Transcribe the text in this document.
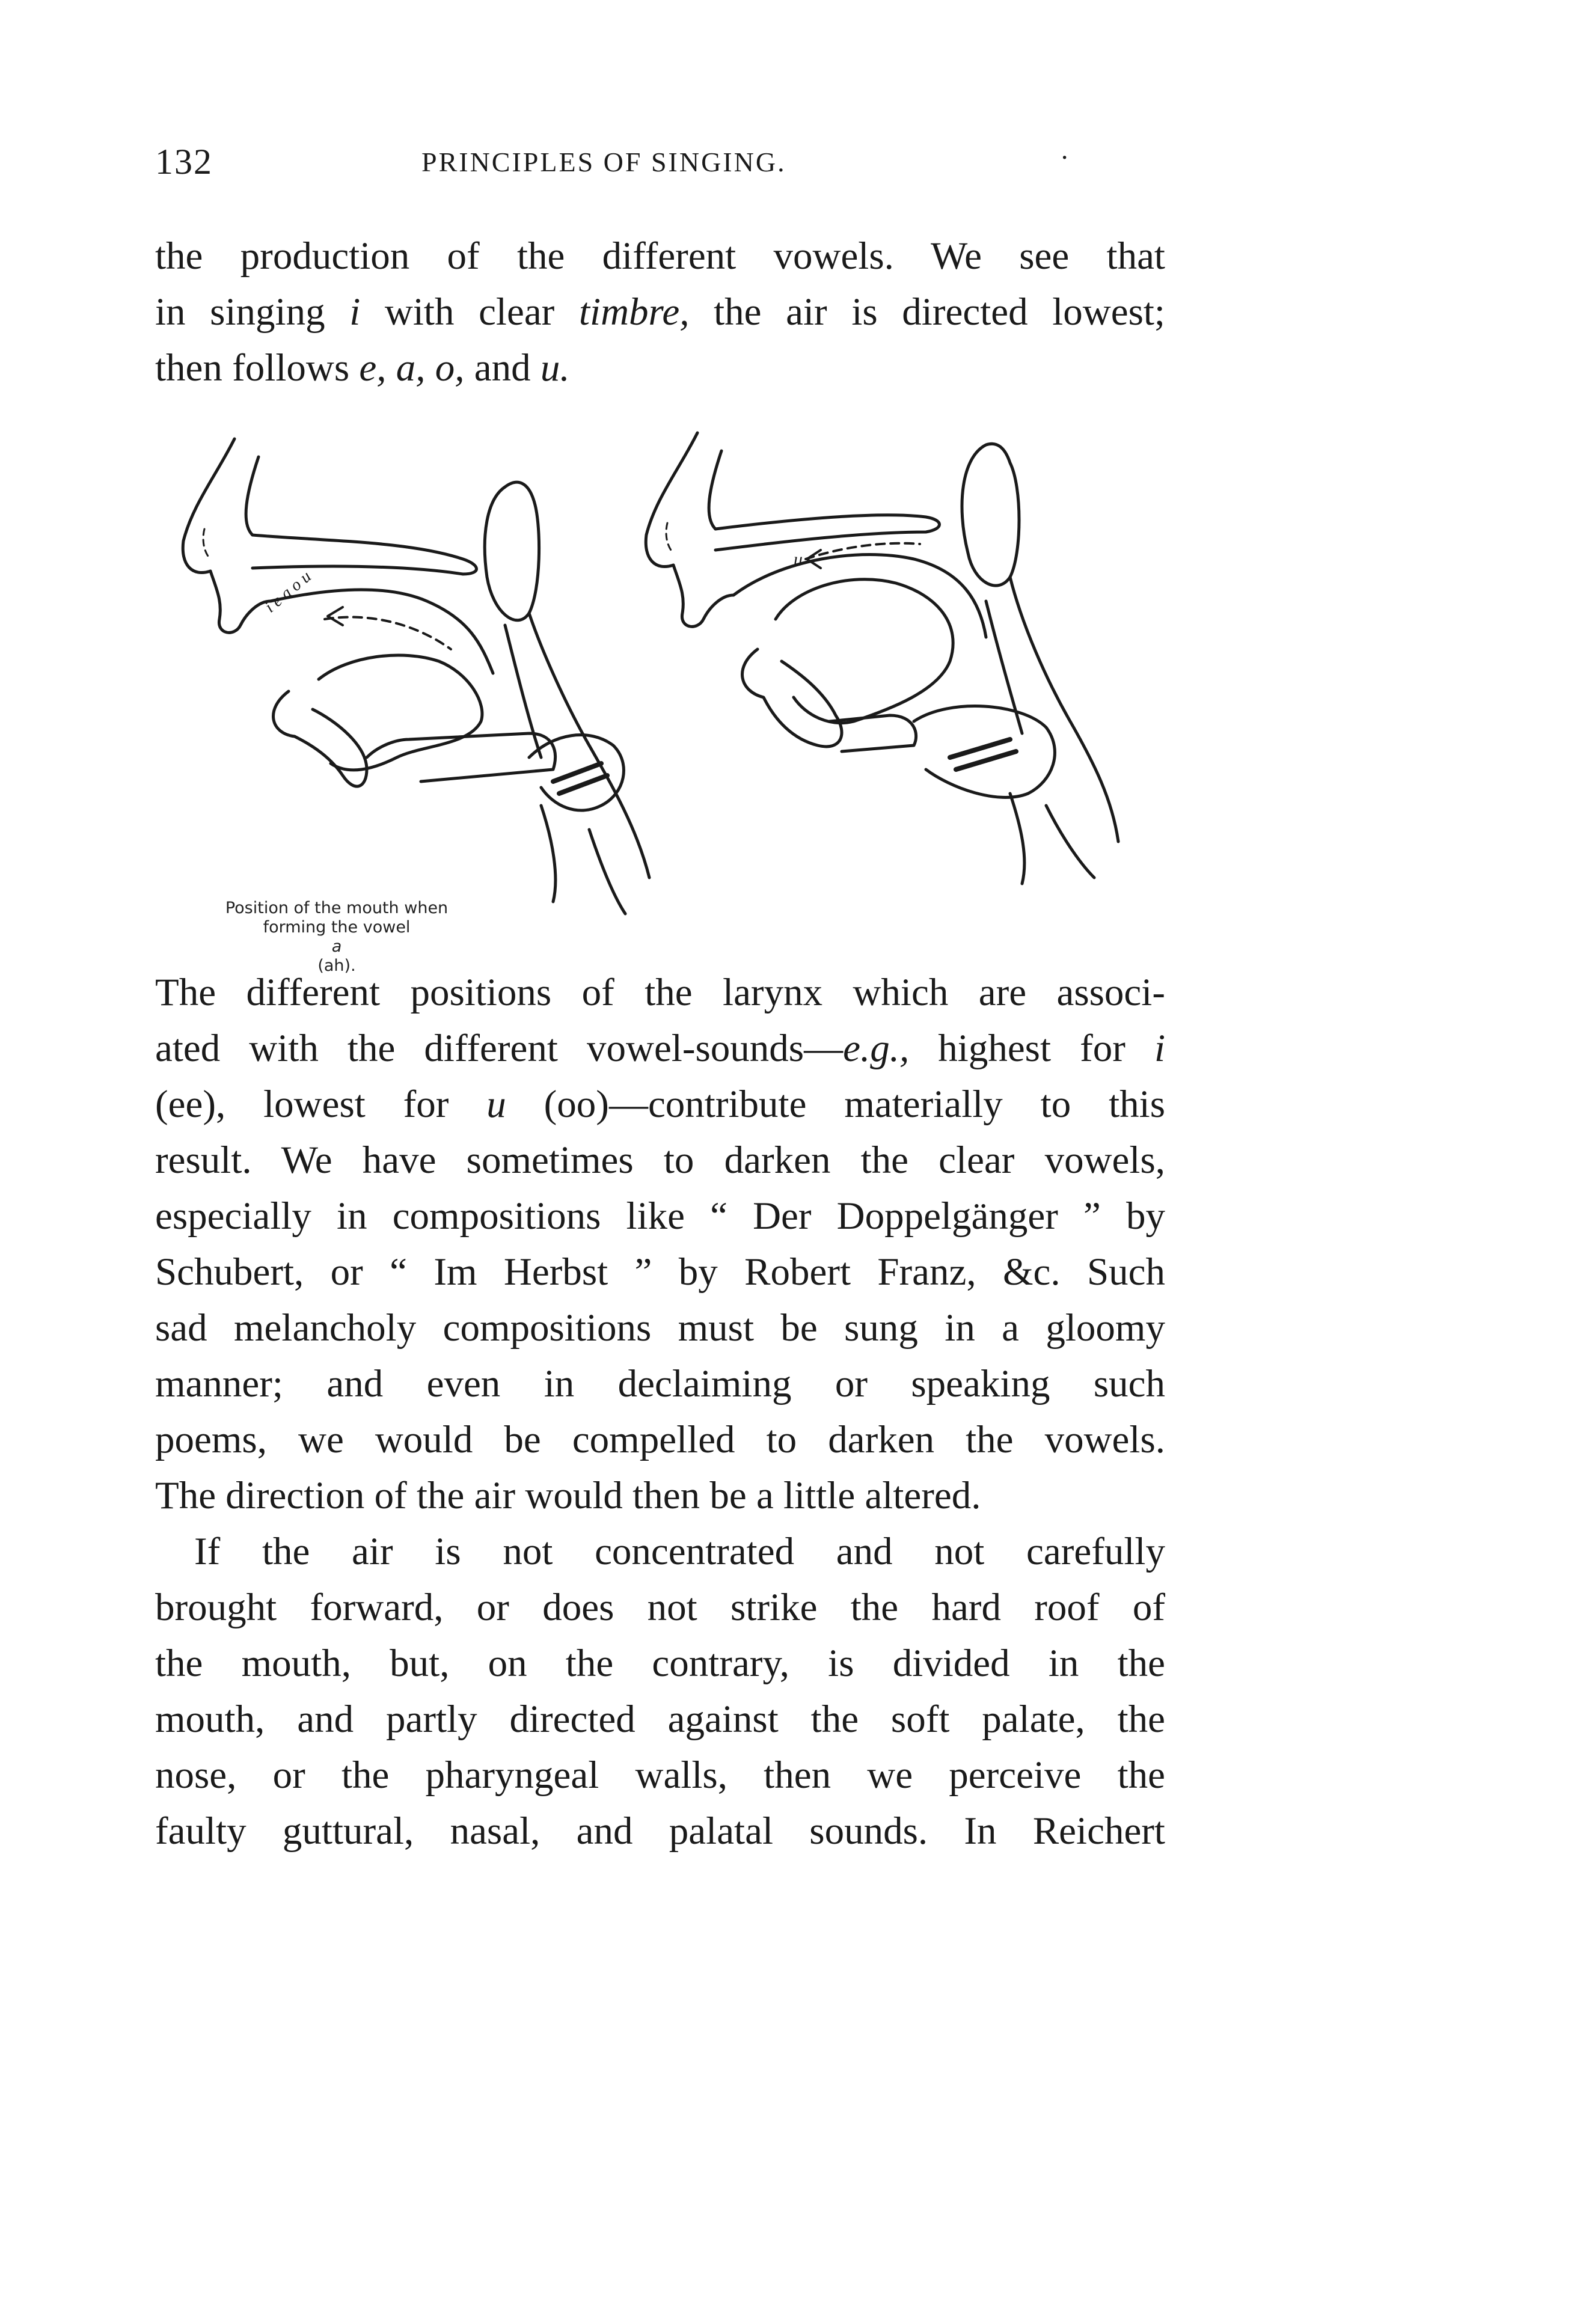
132	PRINCIPLES OF SINGING.	·

the production of the different vowels. We see that
in singing i with clear timbre, the air is directed lowest;
then follows e, a, o, and u.

i e a o u
u
Position of the mouth when
forming the vowel
a
(ah).

The different positions of the larynx which are associ-
ated with the different vowel-sounds—e.g., highest for i
(ee), lowest for u (oo)—contribute materially to this
result. We have sometimes to darken the clear vowels,
especially in compositions like “ Der Doppelgänger ” by
Schubert, or “ Im Herbst ” by Robert Franz, &c. Such
sad melancholy compositions must be sung in a gloomy
manner; and even in declaiming or speaking such
poems, we would be compelled to darken the vowels.
The direction of the air would then be a little altered.

If the air is not concentrated and not carefully
brought forward, or does not strike the hard roof of
the mouth, but, on the contrary, is divided in the
mouth, and partly directed against the soft palate, the
nose, or the pharyngeal walls, then we perceive the
faulty guttural, nasal, and palatal sounds. In Reichert
